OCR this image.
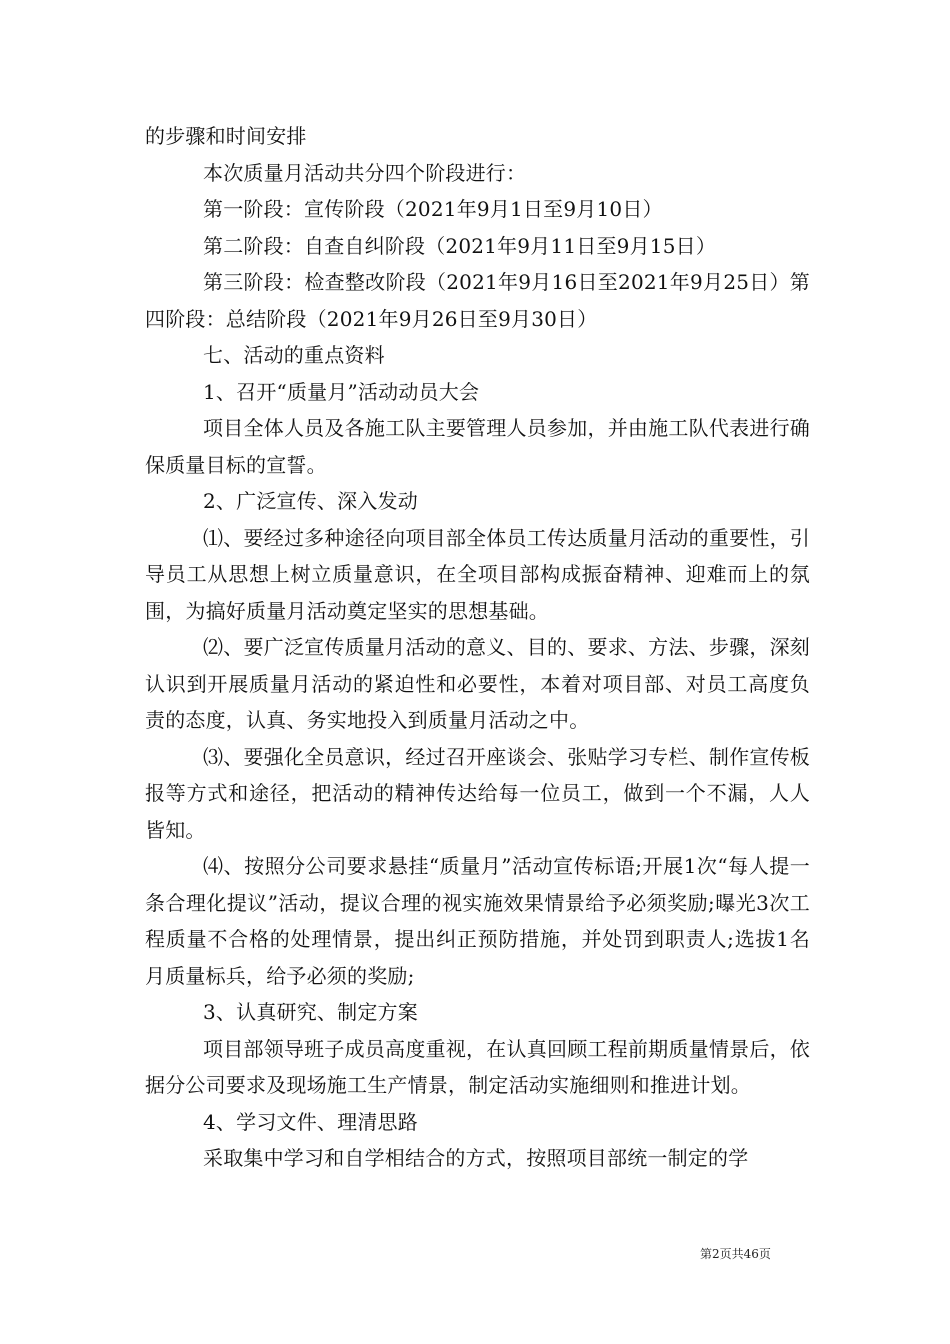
的步骤和时间安排

本次质量月活动共分四个阶段进行：

第一阶段：宣传阶段（2021年9月1日至9月10日）

第二阶段：自查自纠阶段（2021年9月11日至9月15日）

第三阶段：检查整改阶段（2021年9月16日至2021年9月25日）第四阶段：总结阶段（2021年9月26日至9月30日）

七、活动的重点资料

1、召开“质量月”活动动员大会

项目全体人员及各施工队主要管理人员参加，并由施工队代表进行确保质量目标的宣誓。

2、广泛宣传、深入发动

⑴、要经过多种途径向项目部全体员工传达质量月活动的重要性，引导员工从思想上树立质量意识，在全项目部构成振奋精神、迎难而上的氛围，为搞好质量月活动奠定坚实的思想基础。

⑵、要广泛宣传质量月活动的意义、目的、要求、方法、步骤，深刻认识到开展质量月活动的紧迫性和必要性，本着对项目部、对员工高度负责的态度，认真、务实地投入到质量月活动之中。

⑶、要强化全员意识，经过召开座谈会、张贴学习专栏、制作宣传板报等方式和途径，把活动的精神传达给每一位员工，做到一个不漏，人人皆知。

⑷、按照分公司要求悬挂“质量月”活动宣传标语;开展1次“每人提一条合理化提议”活动，提议合理的视实施效果情景给予必须奖励;曝光3次工程质量不合格的处理情景，提出纠正预防措施，并处罚到职责人;选拔1名月质量标兵，给予必须的奖励;

3、认真研究、制定方案

项目部领导班子成员高度重视，在认真回顾工程前期质量情景后，依据分公司要求及现场施工生产情景，制定活动实施细则和推进计划。

4、学习文件、理清思路

采取集中学习和自学相结合的方式，按照项目部统一制定的学

第2页共46页
